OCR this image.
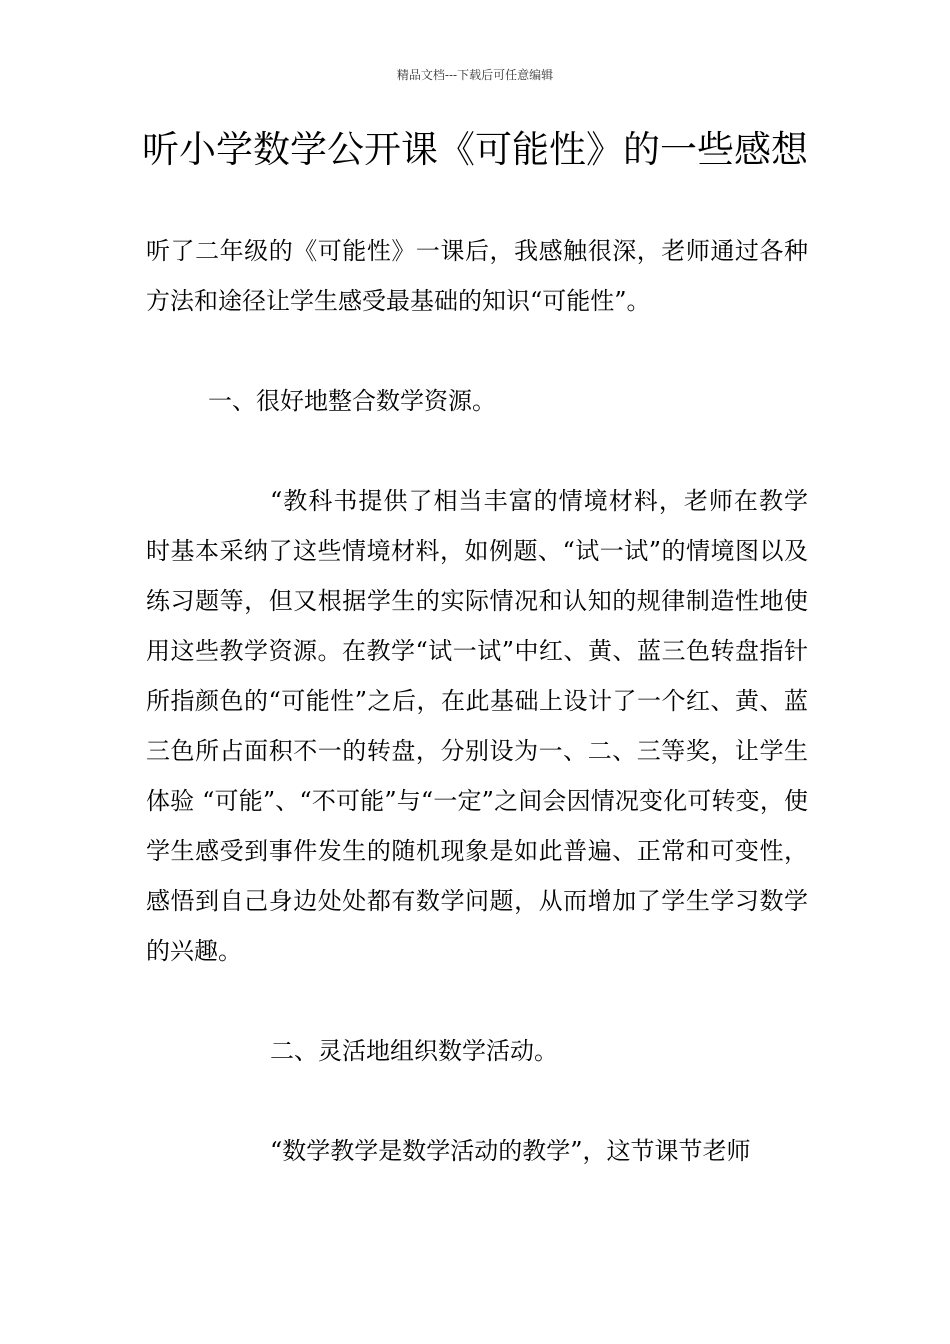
精品文档---下载后可任意编辑
听小学数学公开课《可能性》的一些感想

听了二年级的《可能性》一课后，我感触很深，老师通过各种方法和途径让学生感受最基础的知识“可能性”。

一、很好地整合数学资源。

“教科书提供了相当丰富的情境材料，老师在教学时基本采纳了这些情境材料，如例题、“试一试”的情境图以及练习题等，但又根据学生的实际情况和认知的规律制造性地使用这些教学资源。在教学“试一试”中红、黄、蓝三色转盘指针所指颜色的“可能性”之后，在此基础上设计了一个红、黄、蓝三色所占面积不一的转盘，分别设为一、二、三等奖，让学生体验 “可能”、“不可能”与“一定”之间会因情况变化可转变，使学生感受到事件发生的随机现象是如此普遍、正常和可变性，感悟到自己身边处处都有数学问题，从而增加了学生学习数学的兴趣。

二、灵活地组织数学活动。

“数学教学是数学活动的教学”，这节课节老师
